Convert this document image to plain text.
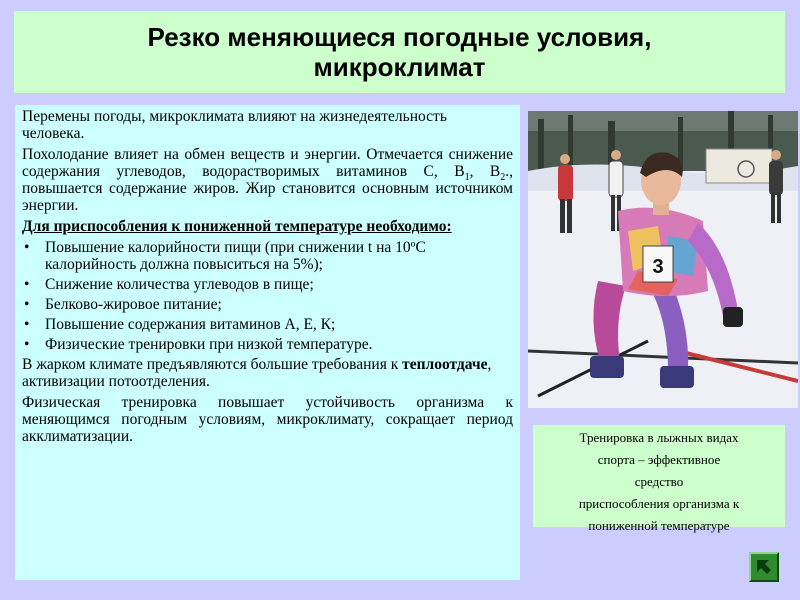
Резко меняющиеся погодные условия,
микроклимат

Перемены погоды, микроклимата влияют на жизнедеятельность человека.

Похолодание влияет на обмен веществ и энергии. Отмечается снижение содержания углеводов, водорастворимых витаминов С, $В_1$, $В_2$., повышается содержание жиров. Жир становится основным источником энергии.

Для приспособления к пониженной температуре необходимо:

• Повышение калорийности пищи (при снижении t на 10ºС калорийность должна повыситься на 5%);
• Снижение количества углеводов в пище;
• Белково-жировое питание;
• Повышение содержания витаминов А, Е, К;
• Физические тренировки при низкой температуре.

В жарком климате предъявляются большие требования к теплоотдаче, активизации потоотделения.

Физическая тренировка повышает устойчивость организма к меняющимся погодным условиям, микроклимату, сокращает период акклиматизации.

3
Тренировка в лыжных видах
спорта – эффективное
средство
приспособления организма к
пониженной температуре
